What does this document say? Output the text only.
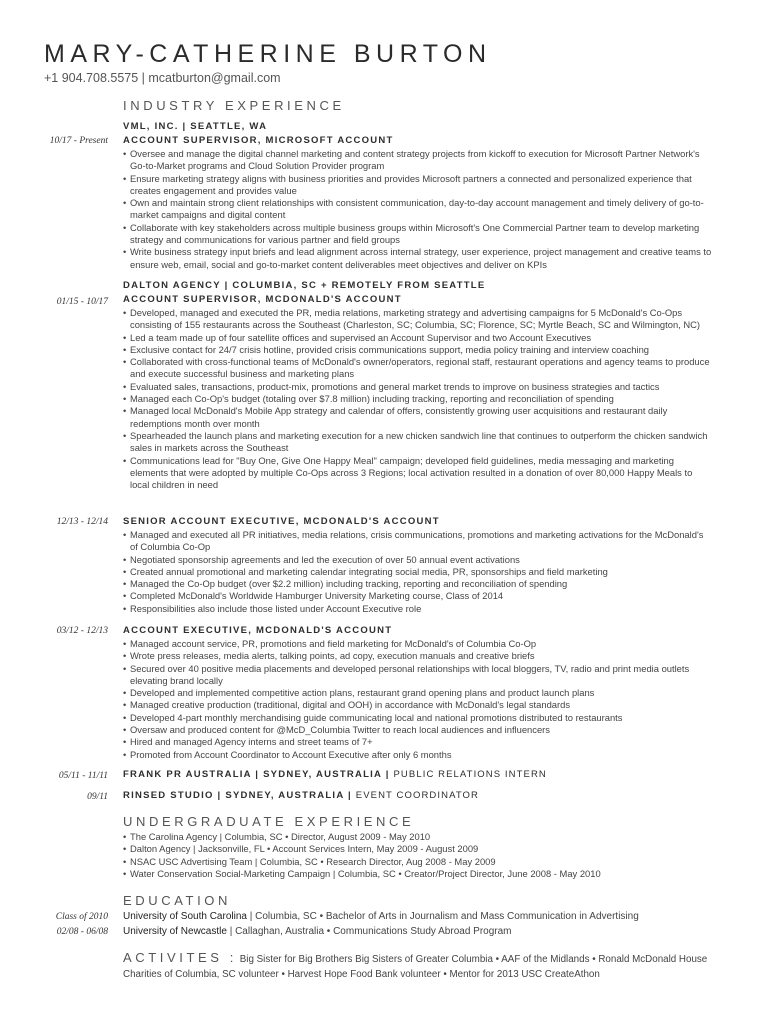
MARY-CATHERINE BURTON
+1 904.708.5575 | mcatburton@gmail.com
INDUSTRY EXPERIENCE
10/17 - Present
VML, INC. | SEATTLE, WA
ACCOUNT SUPERVISOR, MICROSOFT ACCOUNT
• Oversee and manage the digital channel marketing and content strategy projects from kickoff to execution for Microsoft Partner Network's Go-to-Market programs and Cloud Solution Provider program
• Ensure marketing strategy aligns with business priorities and provides Microsoft partners a connected and personalized experience that creates engagement and provides value
• Own and maintain strong client relationships with consistent communication, day-to-day account management and timely delivery of go-to-market campaigns and digital content
• Collaborate with key stakeholders across multiple business groups within Microsoft's One Commercial Partner team to develop marketing strategy and communications for various partner and field groups
• Write business strategy input briefs and lead alignment across internal strategy, user experience, project management and creative teams to ensure web, email, social and go-to-market content deliverables meet objectives and deliver on KPIs
01/15 - 10/17
DALTON AGENCY | COLUMBIA, SC + REMOTELY FROM SEATTLE
ACCOUNT SUPERVISOR, MCDONALD'S ACCOUNT
• Developed, managed and executed the PR, media relations, marketing strategy and advertising campaigns for 5 McDonald's Co-Ops consisting of 155 restaurants across the Southeast (Charleston, SC; Columbia, SC; Florence, SC; Myrtle Beach, SC and Wilmington, NC)
• Led a team made up of four satellite offices and supervised an Account Supervisor and two Account Executives
• Exclusive contact for 24/7 crisis hotline, provided crisis communications support, media policy training and interview coaching
• Collaborated with cross-functional teams of McDonald's owner/operators, regional staff, restaurant operations and agency teams to produce and execute successful business and marketing plans
• Evaluated sales, transactions, product-mix, promotions and general market trends to improve on business strategies and tactics
• Managed each Co-Op's budget (totaling over $7.8 million) including tracking, reporting and reconciliation of spending
• Managed local McDonald's Mobile App strategy and calendar of offers, consistently growing user acquisitions and restaurant daily redemptions month over month
• Spearheaded the launch plans and marketing execution for a new chicken sandwich line that continues to outperform the chicken sandwich sales in markets across the Southeast
• Communications lead for "Buy One, Give One Happy Meal" campaign; developed field guidelines, media messaging and marketing elements that were adopted by multiple Co-Ops across 3 Regions; local activation resulted in a donation of over 80,000 Happy Meals to local children in need
12/13 - 12/14 SENIOR ACCOUNT EXECUTIVE, MCDONALD'S ACCOUNT
• Managed and executed all PR initiatives, media relations, crisis communications, promotions and marketing activations for the McDonald's of Columbia Co-Op
• Negotiated sponsorship agreements and led the execution of over 50 annual event activations
• Created annual promotional and marketing calendar integrating social media, PR, sponsorships and field marketing
• Managed the Co-Op budget (over $2.2 million) including tracking, reporting and reconciliation of spending
• Completed McDonald's Worldwide Hamburger University Marketing course, Class of 2014
• Responsibilities also include those listed under Account Executive role
03/12 - 12/13 ACCOUNT EXECUTIVE, MCDONALD'S ACCOUNT
• Managed account service, PR, promotions and field marketing for McDonald's of Columbia Co-Op
• Wrote press releases, media alerts, talking points, ad copy, execution manuals and creative briefs
• Secured over 40 positive media placements and developed personal relationships with local bloggers, TV, radio and print media outlets elevating brand locally
• Developed and implemented competitive action plans, restaurant grand opening plans and product launch plans
• Managed creative production (traditional, digital and OOH) in accordance with McDonald's legal standards
• Developed 4-part monthly merchandising guide communicating local and national promotions distributed to restaurants
• Oversaw and produced content for @McD_Columbia Twitter to reach local audiences and influencers
• Hired and managed Agency interns and street teams of 7+
• Promoted from Account Coordinator to Account Executive after only 6 months
05/11 - 11/11 FRANK PR AUSTRALIA | SYDNEY, AUSTRALIA | PUBLIC RELATIONS INTERN
09/11 RINSED STUDIO | SYDNEY, AUSTRALIA | EVENT COORDINATOR
UNDERGRADUATE EXPERIENCE
• The Carolina Agency | Columbia, SC • Director, August 2009 - May 2010
• Dalton Agency | Jacksonville, FL • Account Services Intern, May 2009 - August 2009
• NSAC USC Advertising Team | Columbia, SC • Research Director, Aug 2008 - May 2009
• Water Conservation Social-Marketing Campaign | Columbia, SC • Creator/Project Director, June 2008 - May 2010
EDUCATION
Class of 2010 University of South Carolina | Columbia, SC • Bachelor of Arts in Journalism and Mass Communication in Advertising
02/08 - 06/08 University of Newcastle | Callaghan, Australia • Communications Study Abroad Program
ACTIVITES : Big Sister for Big Brothers Big Sisters of Greater Columbia • AAF of the Midlands • Ronald McDonald House Charities of Columbia, SC volunteer • Harvest Hope Food Bank volunteer • Mentor for 2013 USC CreateAthon
